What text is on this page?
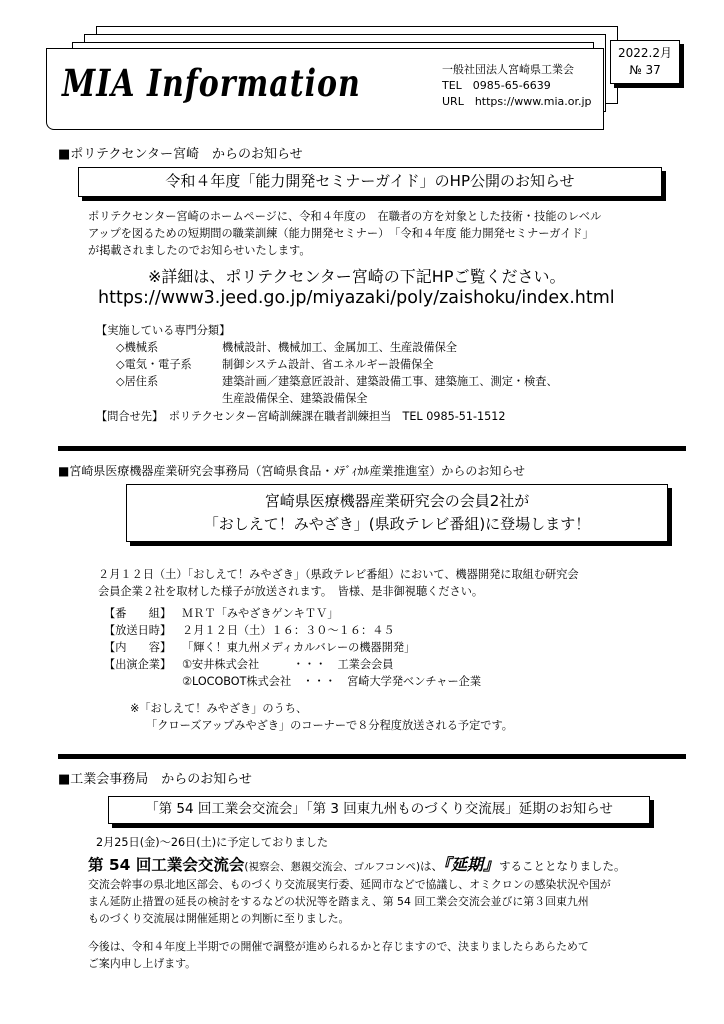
MIA Information	一般社団法人宮崎県工業会
TEL　0985-65-6639
URL　https://www.mia.or.jp
2022.2月
№ 37
■ポリテクセンター宮崎　からのお知らせ
令和４年度「能力開発セミナーガイド」のHP公開のお知らせ
ポリテクセンター宮崎のホームページに、令和４年度の　在職者の方を対象とした技術・技能のレベル
アップを図るための短期間の職業訓練（能力開発セミナー）　「令和４年度 能力開発セミナーガイド」
が掲載されましたのでお知らせいたします。
※詳細は、ポリテクセンター宮崎の下記HPご覧ください。
https://www3.jeed.go.jp/miyazaki/poly/zaishoku/index.html
【実施している専門分類】
◇機械系	機械設計、機械加工、金属加工、生産設備保全
◇電気・電子系	制御システム設計、省エネルギー設備保全
◇居住系	建築計画／建築意匠設計、建築設備工事、建築施工、測定・検査、
生産設備保全、建築設備保全
【問合せ先】　ポリテクセンター宮崎訓練課在職者訓練担当　TEL 0985-51-1512
■宮崎県医療機器産業研究会事務局（宮崎県食品・ﾒﾃﾞｨｶﾙ産業推進室）からのお知らせ
宮崎県医療機器産業研究会の会員2社が
「おしえて！みやざき」(県政テレビ番組)に登場します！
２月１２日（土）「おしえて！みやざき」（県政テレビ番組）において、機器開発に取組む研究会
会員企業２社を取材した様子が放送されます。　皆様、是非御視聴ください。
【番　　組】 ＭＲＴ「みやざきゲンキＴＶ」
【放送日時】 ２月１２日（土）１６：３０～１６：４５
【内　　容】 「輝く！東九州メディカルバレーの機器開発」
【出演企業】 ①安井株式会社　　　・・・　工業会会員
②LOCOBOT株式会社　・・・　宮崎大学発ベンチャー企業
※「おしえて！みやざき」のうち、
「クローズアップみやざき」のコーナーで８分程度放送される予定です。
■工業会事務局　からのお知らせ
「第 54 回工業会交流会」「第 3 回東九州ものづくり交流展」延期のお知らせ
2月25日(金)～26日(土)に予定しておりました
第 54 回工業会交流会(視察会、懇親交流会、ゴルフコンペ)は、『延期』することとなりました。
交流会幹事の県北地区部会、ものづくり交流展実行委、延岡市などで協議し、オミクロンの感染状況や国が
まん延防止措置の延長の検討をするなどの状況等を踏まえ、第 54 回工業会交流会並びに第３回東九州
ものづくり交流展は開催延期との判断に至りました。
今後は、令和４年度上半期での開催で調整が進められるかと存じますので、決まりましたらあらためて
ご案内申し上げます。
